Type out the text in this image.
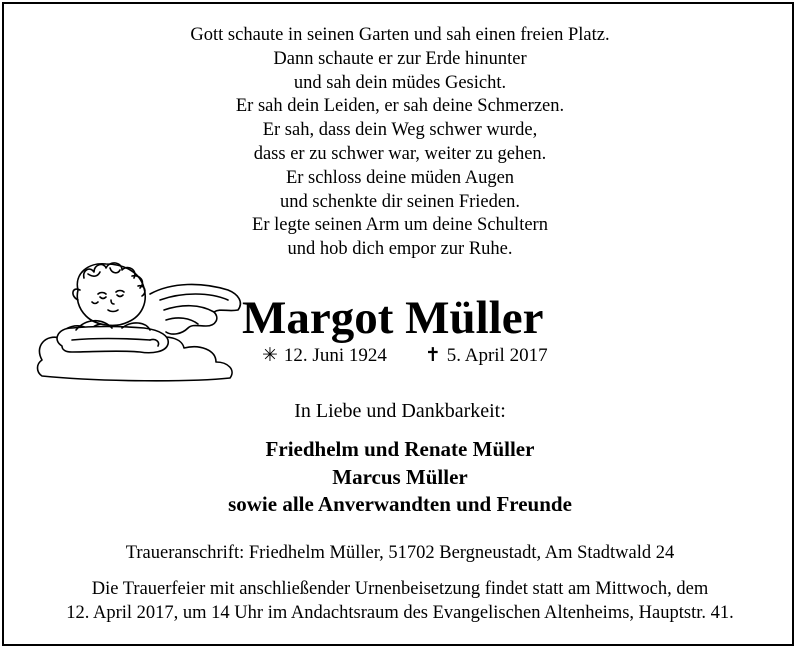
Gott schaute in seinen Garten und sah einen freien Platz.
Dann schaute er zur Erde hinunter
und sah dein müdes Gesicht.
Er sah dein Leiden, er sah deine Schmerzen.
Er sah, dass dein Weg schwer wurde,
dass er zu schwer war, weiter zu gehen.
Er schloss deine müden Augen
und schenkte dir seinen Frieden.
Er legte seinen Arm um deine Schultern
und hob dich empor zur Ruhe.
Margot Müller
✳ 12. Juni 1924 ✝ 5. April 2017
In Liebe und Dankbarkeit:
Friedhelm und Renate Müller
Marcus Müller
sowie alle Anverwandten und Freunde
Traueranschrift: Friedhelm Müller, 51702 Bergneustadt, Am Stadtwald 24
Die Trauerfeier mit anschließender Urnenbeisetzung findet statt am Mittwoch, dem
12. April 2017, um 14 Uhr im Andachtsraum des Evangelischen Altenheims, Hauptstr. 41.
